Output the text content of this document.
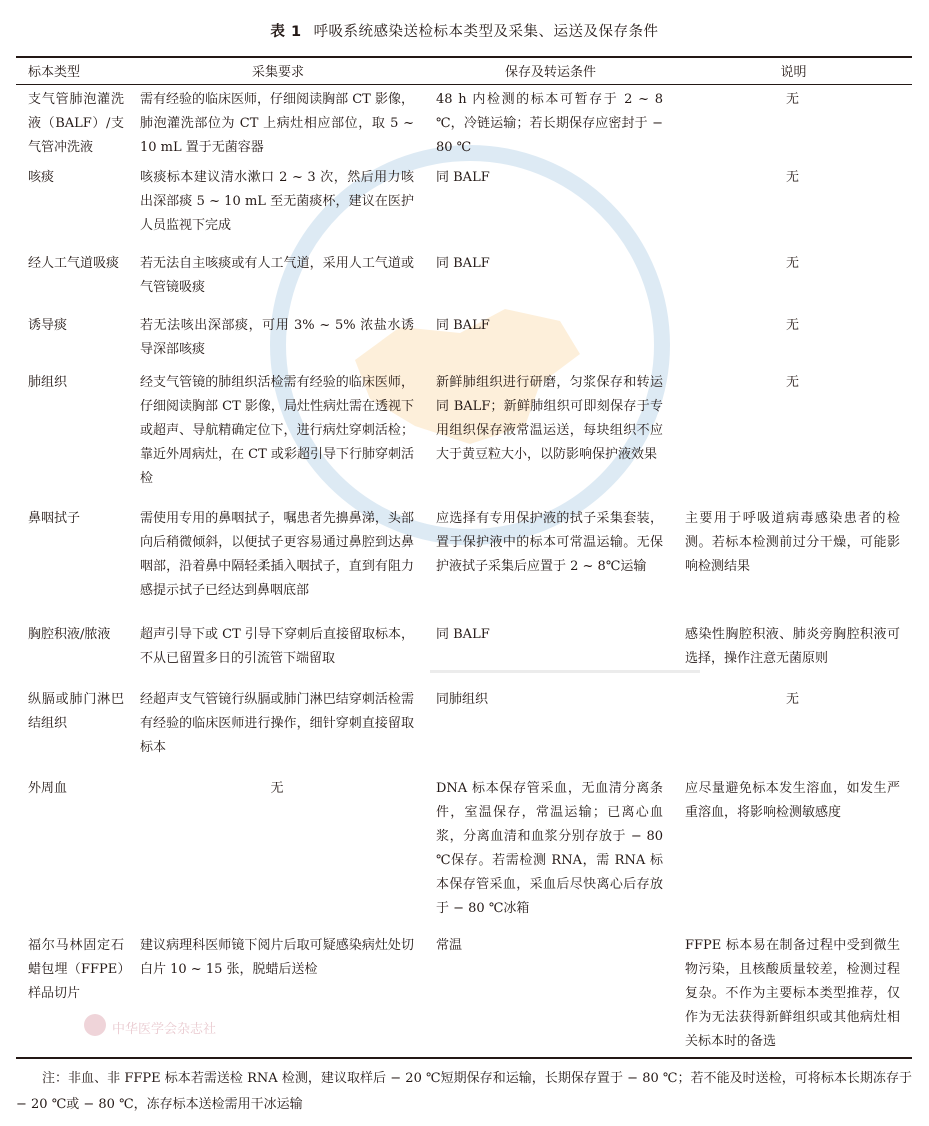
中华医学会杂志社
表 1 呼吸系统感染送检标本类型及采集、运送及保存条件
标本类型	采集要求	保存及转运条件	说明
支气管肺泡灌洗液（BALF）/支气管冲洗液	需有经验的临床医师，仔细阅读胸部 CT 影像，肺泡灌洗部位为 CT 上病灶相应部位，取 5 ~ 10 mL 置于无菌容器	48 h 内检测的标本可暂存于 2 ~ 8 ℃，冷链运输；若长期保存应密封于 − 80 ℃	无
咳痰	咳痰标本建议清水漱口 2 ~ 3 次，然后用力咳出深部痰 5 ~ 10 mL 至无菌痰杯，建议在医护人员监视下完成	同 BALF	无
经人工气道吸痰	若无法自主咳痰或有人工气道，采用人工气道或气管镜吸痰	同 BALF	无
诱导痰	若无法咳出深部痰，可用 3% ~ 5% 浓盐水诱导深部咳痰	同 BALF	无
肺组织	经支气管镜的肺组织活检需有经验的临床医师，仔细阅读胸部 CT 影像，局灶性病灶需在透视下或超声、导航精确定位下，进行病灶穿刺活检；靠近外周病灶，在 CT 或彩超引导下行肺穿刺活检	新鲜肺组织进行研磨，匀浆保存和转运同 BALF；新鲜肺组织可即刻保存于专用组织保存液常温运送，每块组织不应大于黄豆粒大小，以防影响保护液效果	无
鼻咽拭子	需使用专用的鼻咽拭子，嘱患者先擤鼻涕，头部向后稍微倾斜，以便拭子更容易通过鼻腔到达鼻咽部，沿着鼻中隔轻柔插入咽拭子，直到有阻力感提示拭子已经达到鼻咽底部	应选择有专用保护液的拭子采集套装，置于保护液中的标本可常温运输。无保护液拭子采集后应置于 2 ~ 8℃运输	主要用于呼吸道病毒感染患者的检测。若标本检测前过分干燥，可能影响检测结果
胸腔积液/脓液	超声引导下或 CT 引导下穿刺后直接留取标本，不从已留置多日的引流管下端留取	同 BALF	感染性胸腔积液、肺炎旁胸腔积液可选择，操作注意无菌原则
纵膈或肺门淋巴结组织	经超声支气管镜行纵膈或肺门淋巴结穿刺活检需有经验的临床医师进行操作，细针穿刺直接留取标本	同肺组织	无
外周血	无	DNA 标本保存管采血，无血清分离条件，室温保存，常温运输；已离心血浆，分离血清和血浆分别存放于 − 80 ℃保存。若需检测 RNA，需 RNA 标本保存管采血，采血后尽快离心后存放于 − 80 ℃冰箱	应尽量避免标本发生溶血，如发生严重溶血，将影响检测敏感度
福尔马林固定石蜡包埋（FFPE）样品切片	建议病理科医师镜下阅片后取可疑感染病灶处切白片 10 ~ 15 张，脱蜡后送检	常温	FFPE 标本易在制备过程中受到微生物污染，且核酸质量较差，检测过程复杂。不作为主要标本类型推荐，仅作为无法获得新鲜组织或其他病灶相关标本时的备选
注：非血、非 FFPE 标本若需送检 RNA 检测，建议取样后 − 20 ℃短期保存和运输，长期保存置于 − 80 ℃；若不能及时送检，可将标本长期冻存于 − 20 ℃或 − 80 ℃，冻存标本送检需用干冰运输
